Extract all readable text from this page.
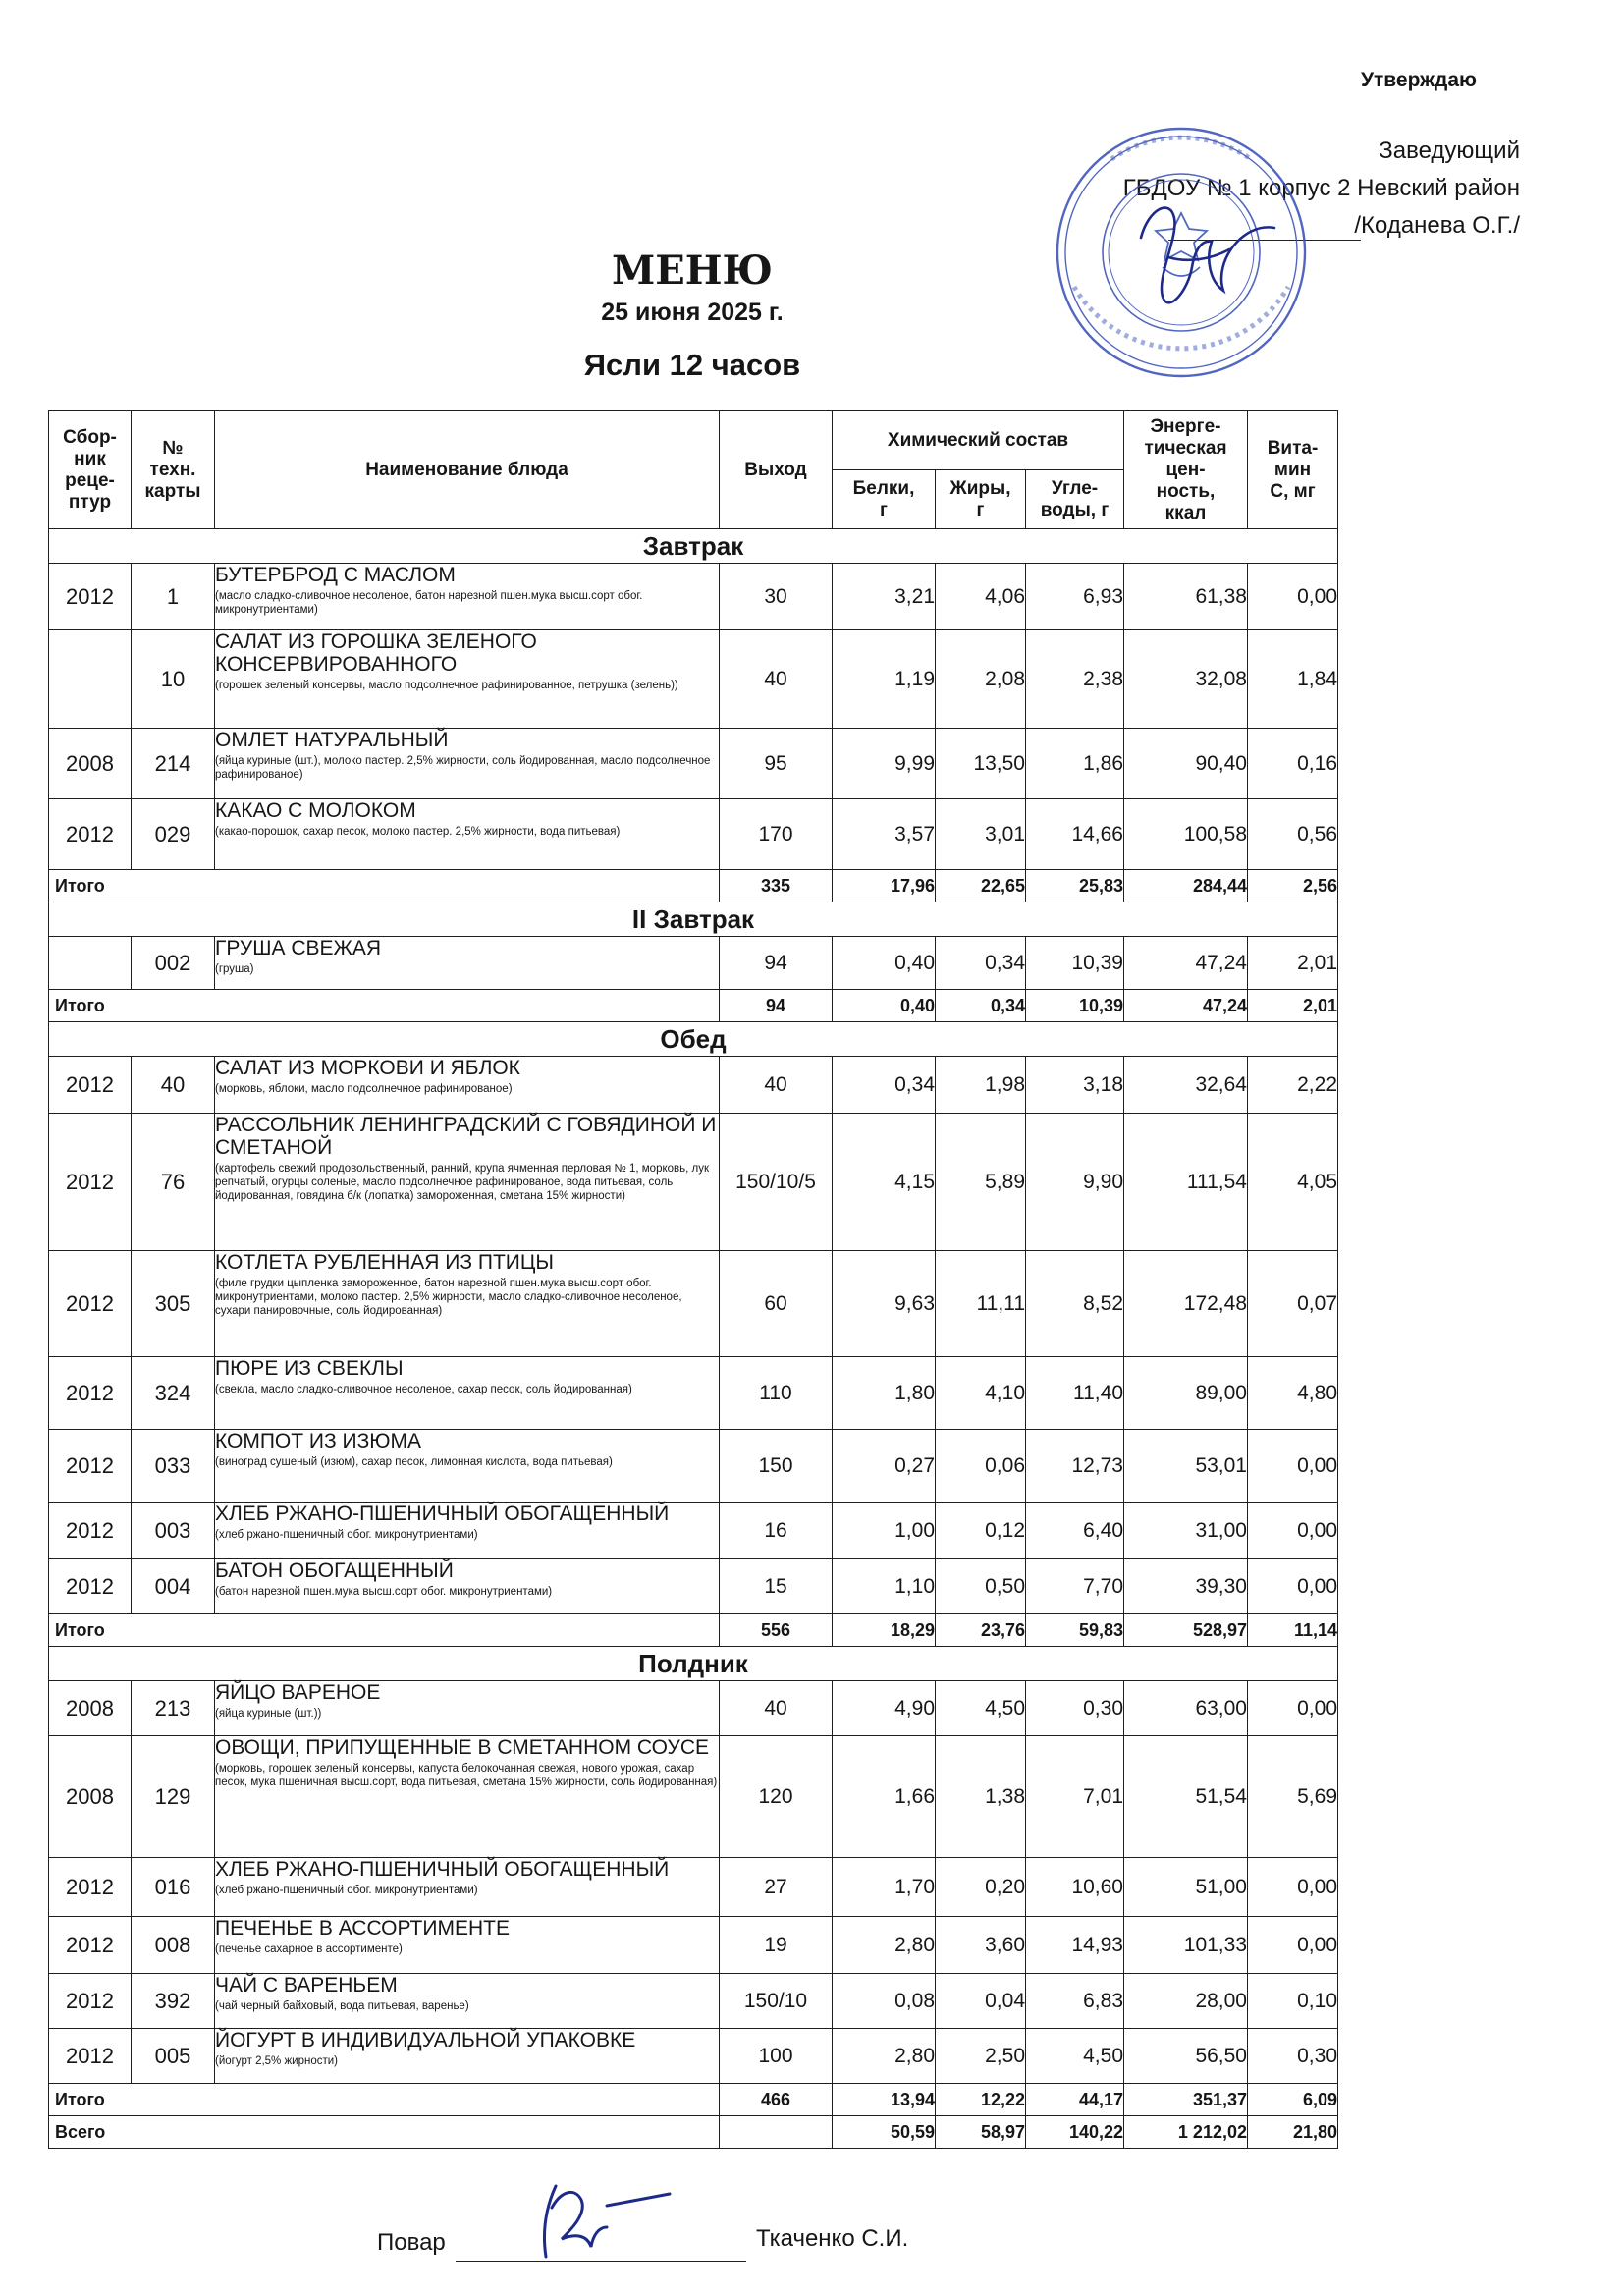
Утверждаю
Заведующий
ГБДОУ № 1 корпус 2 Невский район
/Коданева О.Г./
МЕНЮ
25 июня 2025 г.
Ясли 12 часов
Сбор-
ник
реце-
птур	№
техн.
карты	Наименование блюда	Выход	Химический состав			Энерге-
тическая
цен-
ность,
ккал	Вита-
мин
С, мг
				Белки,
г	Жиры,
г	Угле-
воды, г		
Завтрак								
2012	1	БУТЕРБРОД С МАСЛОМ
(масло сладко-сливочное несоленое, батон нарезной пшен.мука высш.сорт обог. микронутриентами)	30	3,21	4,06	6,93	61,38	0,00
	10	САЛАТ ИЗ ГОРОШКА ЗЕЛЕНОГО КОНСЕРВИРОВАННОГО
(горошек зеленый консервы, масло подсолнечное рафинированное, петрушка (зелень))	40	1,19	2,08	2,38	32,08	1,84
2008	214	ОМЛЕТ НАТУРАЛЬНЫЙ
(яйца куриные (шт.), молоко пастер. 2,5% жирности, соль йодированная, масло подсолнечное рафинированое)	95	9,99	13,50	1,86	90,40	0,16
2012	029	КАКАО С МОЛОКОМ
(какао-порошок, сахар песок, молоко пастер. 2,5% жирности, вода питьевая)	170	3,57	3,01	14,66	100,58	0,56
Итого			335	17,96	22,65	25,83	284,44	2,56
II Завтрак								
	002	ГРУША СВЕЖАЯ
(груша)	94	0,40	0,34	10,39	47,24	2,01
Итого			94	0,40	0,34	10,39	47,24	2,01
Обед								
2012	40	САЛАТ ИЗ МОРКОВИ И ЯБЛОК
(морковь, яблоки, масло подсолнечное рафинированое)	40	0,34	1,98	3,18	32,64	2,22
2012	76	РАССОЛЬНИК ЛЕНИНГРАДСКИЙ С ГОВЯДИНОЙ И СМЕТАНОЙ
(картофель свежий продовольственный, ранний, крупа ячменная перловая № 1, морковь, лук репчатый, огурцы соленые, масло подсолнечное рафинированое, вода питьевая, соль йодированная, говядина б/к (лопатка) замороженная, сметана 15% жирности)	150/10/5	4,15	5,89	9,90	111,54	4,05
2012	305	КОТЛЕТА РУБЛЕННАЯ ИЗ ПТИЦЫ
(филе грудки цыпленка замороженное, батон нарезной пшен.мука высш.сорт обог. микронутриентами, молоко пастер. 2,5% жирности, масло сладко-сливочное несоленое, сухари панировочные, соль йодированная)	60	9,63	11,11	8,52	172,48	0,07
2012	324	ПЮРЕ ИЗ СВЕКЛЫ
(свекла, масло сладко-сливочное несоленое, сахар песок, соль йодированная)	110	1,80	4,10	11,40	89,00	4,80
2012	033	КОМПОТ ИЗ ИЗЮМА
(виноград сушеный (изюм), сахар песок, лимонная кислота, вода питьевая)	150	0,27	0,06	12,73	53,01	0,00
2012	003	ХЛЕБ РЖАНО-ПШЕНИЧНЫЙ ОБОГАЩЕННЫЙ
(хлеб ржано-пшеничный обог. микронутриентами)	16	1,00	0,12	6,40	31,00	0,00
2012	004	БАТОН ОБОГАЩЕННЫЙ
(батон нарезной пшен.мука высш.сорт обог. микронутриентами)	15	1,10	0,50	7,70	39,30	0,00
Итого			556	18,29	23,76	59,83	528,97	11,14
Полдник								
2008	213	ЯЙЦО ВАРЕНОЕ
(яйца куриные (шт.))	40	4,90	4,50	0,30	63,00	0,00
2008	129	ОВОЩИ, ПРИПУЩЕННЫЕ В СМЕТАННОМ СОУСЕ
(морковь, горошек зеленый консервы, капуста белокочанная свежая, нового урожая, сахар песок, мука пшеничная высш.сорт, вода питьевая, сметана 15% жирности, соль йодированная)	120	1,66	1,38	7,01	51,54	5,69
2012	016	ХЛЕБ РЖАНО-ПШЕНИЧНЫЙ ОБОГАЩЕННЫЙ
(хлеб ржано-пшеничный обог. микронутриентами)	27	1,70	0,20	10,60	51,00	0,00
2012	008	ПЕЧЕНЬЕ В АССОРТИМЕНТЕ
(печенье сахарное в ассортименте)	19	2,80	3,60	14,93	101,33	0,00
2012	392	ЧАЙ С ВАРЕНЬЕМ
(чай черный байховый, вода питьевая, варенье)	150/10	0,08	0,04	6,83	28,00	0,10
2012	005	ЙОГУРТ В ИНДИВИДУАЛЬНОЙ УПАКОВКЕ
(йогурт 2,5% жирности)	100	2,80	2,50	4,50	56,50	0,30
Итого			466	13,94	12,22	44,17	351,37	6,09
Всего				50,59	58,97	140,22	1 212,02	21,80
Повар	Ткаченко С.И.
